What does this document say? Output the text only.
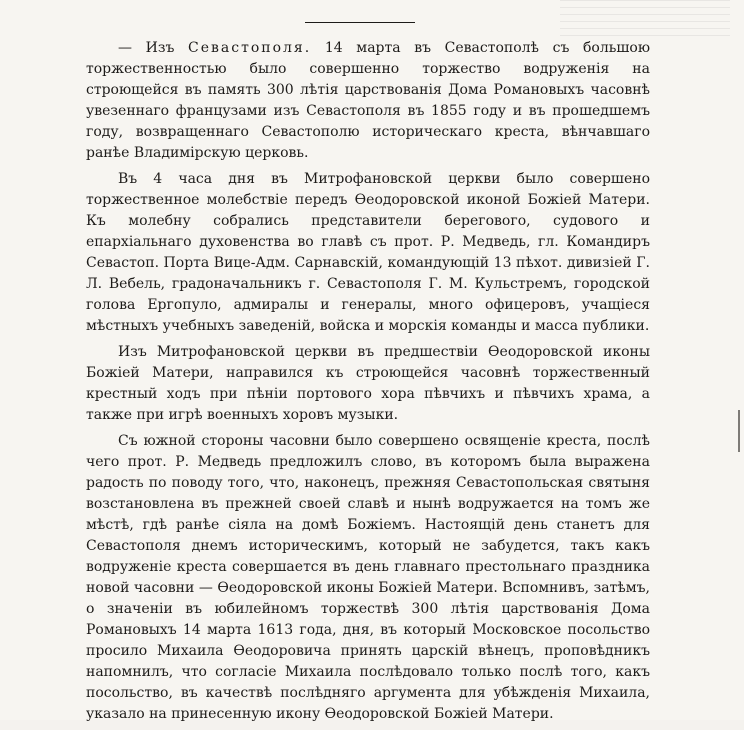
— Изъ Севастополя. 14 марта въ Севастополѣ съ большою торжественностью было совершенно торжество водруженія на строющейся въ память 300 лѣтія царствованія Дома Романовыхъ часовнѣ увезеннаго французами изъ Севастополя въ 1855 году и въ прошедшемъ году, возвращеннаго Севастополю историческаго креста, вѣнчавшаго ранѣе Владимірскую церковь.

Въ 4 часа дня въ Митрофановской церкви было совершено торжественное молебствіе передъ Ѳеодоровской иконой Божіей Матери. Къ молебну собрались представители берегового, судового и епархіальнаго духовенства во главѣ съ прот. Р. Медведь, гл. Командиръ Севастоп. Порта Вице-Адм. Сарнавскій, командующій 13 пѣхот. дивизіей Г. Л. Вебель, градоначальникъ г. Севастополя Г. М. Кульстремъ, городской голова Ергопуло, адмиралы и генералы, много офицеровъ, учащіеся мѣстныхъ учебныхъ заведеній, войска и морскія команды и масса публики.

Изъ Митрофановской церкви въ предшествіи Ѳеодоровской иконы Божіей Матери, направился къ строющейся часовнѣ торжественный крестный ходъ при пѣніи портового хора пѣвчихъ и пѣвчихъ храма, а также при игрѣ военныхъ хоровъ музыки.

Съ южной стороны часовни было совершено освященіе креста, послѣ чего прот. Р. Медведь предложилъ слово, въ которомъ была выражена радость по поводу того, что, наконецъ, прежняя Севастопольская святыня возстановлена въ прежней своей славѣ и нынѣ водружается на томъ же мѣстѣ, гдѣ ранѣе сіяла на домѣ Божіемъ. Настоящій день станетъ для Севастополя днемъ историческимъ, который не забудется, такъ какъ водруженіе креста совершается въ день главнаго престольнаго праздника новой часовни — Ѳеодоровской иконы Божіей Матери. Вспомнивъ, затѣмъ, о значеніи въ юбилейномъ торжествѣ 300 лѣтія царствованія Дома Романовыхъ 14 марта 1613 года, дня, въ который Московское посольство просило Михаила Ѳеодоровича принять царскій вѣнецъ, проповѣдникъ напомнилъ, что согласіе Михаила послѣдовало только послѣ того, какъ посольство, въ качествѣ послѣдняго аргумента для убѣжденія Михаила, указало на принесенную икону Ѳеодоровской Божіей Матери.
